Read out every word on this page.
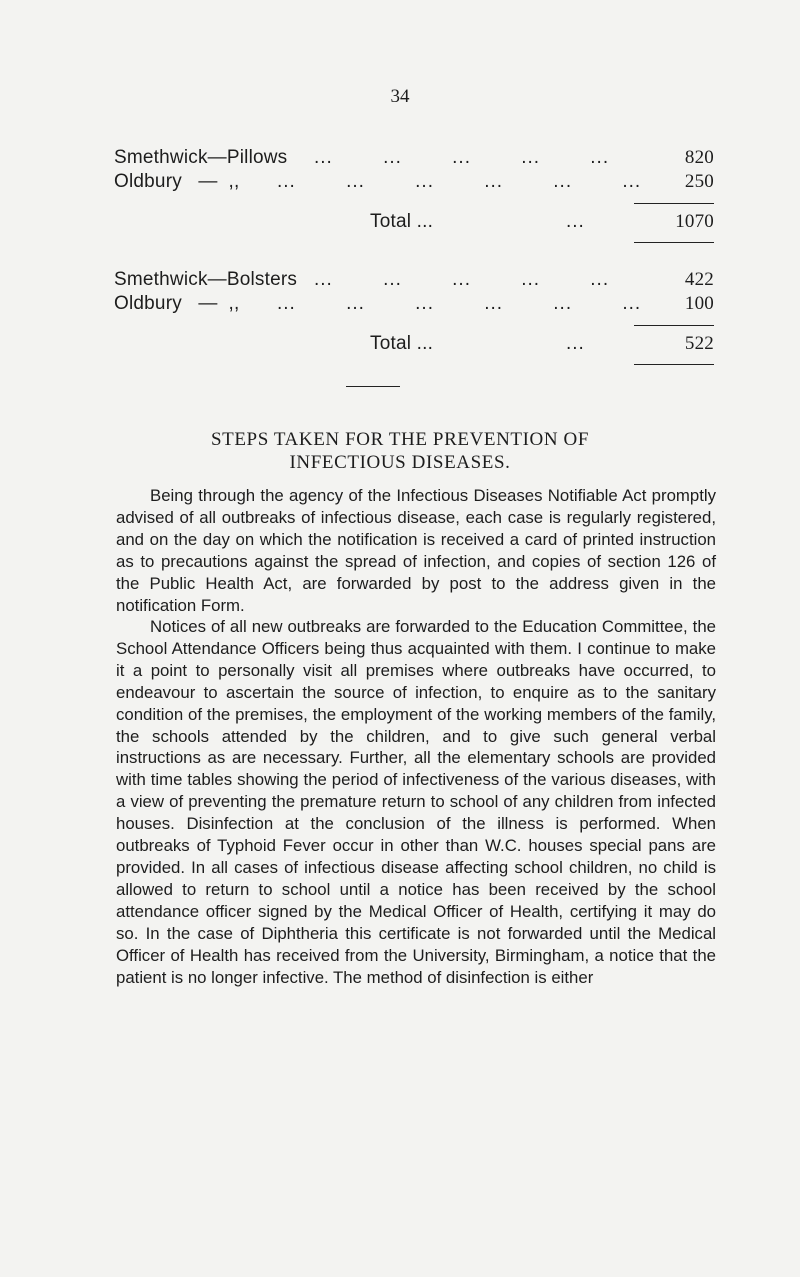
34
Smethwick—Pillows ...        ...        ...        ...        ...	820
Oldbury   —  ,, ...        ...        ...        ...        ...        ...	250
Total ...	...	1070
Smethwick—Bolsters ...        ...        ...        ...        ...	422
Oldbury   —  ,, ...        ...        ...        ...        ...        ...	100
Total ...	...	522
STEPS TAKEN FOR THE PREVENTION OF
INFECTIOUS DISEASES.

Being through the agency of the Infectious Diseases Notifiable Act promptly advised of all outbreaks of infectious disease, each case is regularly registered, and on the day on which the notification is received a card of printed instruction as to precautions against the spread of infection, and copies of section 126 of the Public Health Act, are forwarded by post to the address given in the notification Form.

Notices of all new outbreaks are forwarded to the Education Committee, the School Attendance Officers being thus acquainted with them. I continue to make it a point to personally visit all premises where outbreaks have occurred, to endeavour to ascertain the source of infection, to enquire as to the sanitary condition of the premises, the employment of the working members of the family, the schools attended by the children, and to give such general verbal instructions as are necessary. Further, all the elementary schools are provided with time tables showing the period of infectiveness of the various diseases, with a view of preventing the premature return to school of any children from infected houses. Disinfection at the conclusion of the illness is performed. When outbreaks of Typhoid Fever occur in other than W.C. houses special pans are provided. In all cases of infectious disease affecting school children, no child is allowed to return to school until a notice has been received by the school attendance officer signed by the Medical Officer of Health, certifying it may do so. In the case of Diphtheria this certificate is not forwarded until the Medical Officer of Health has received from the University, Birmingham, a notice that the patient is no longer infective. The method of disinfection is either
